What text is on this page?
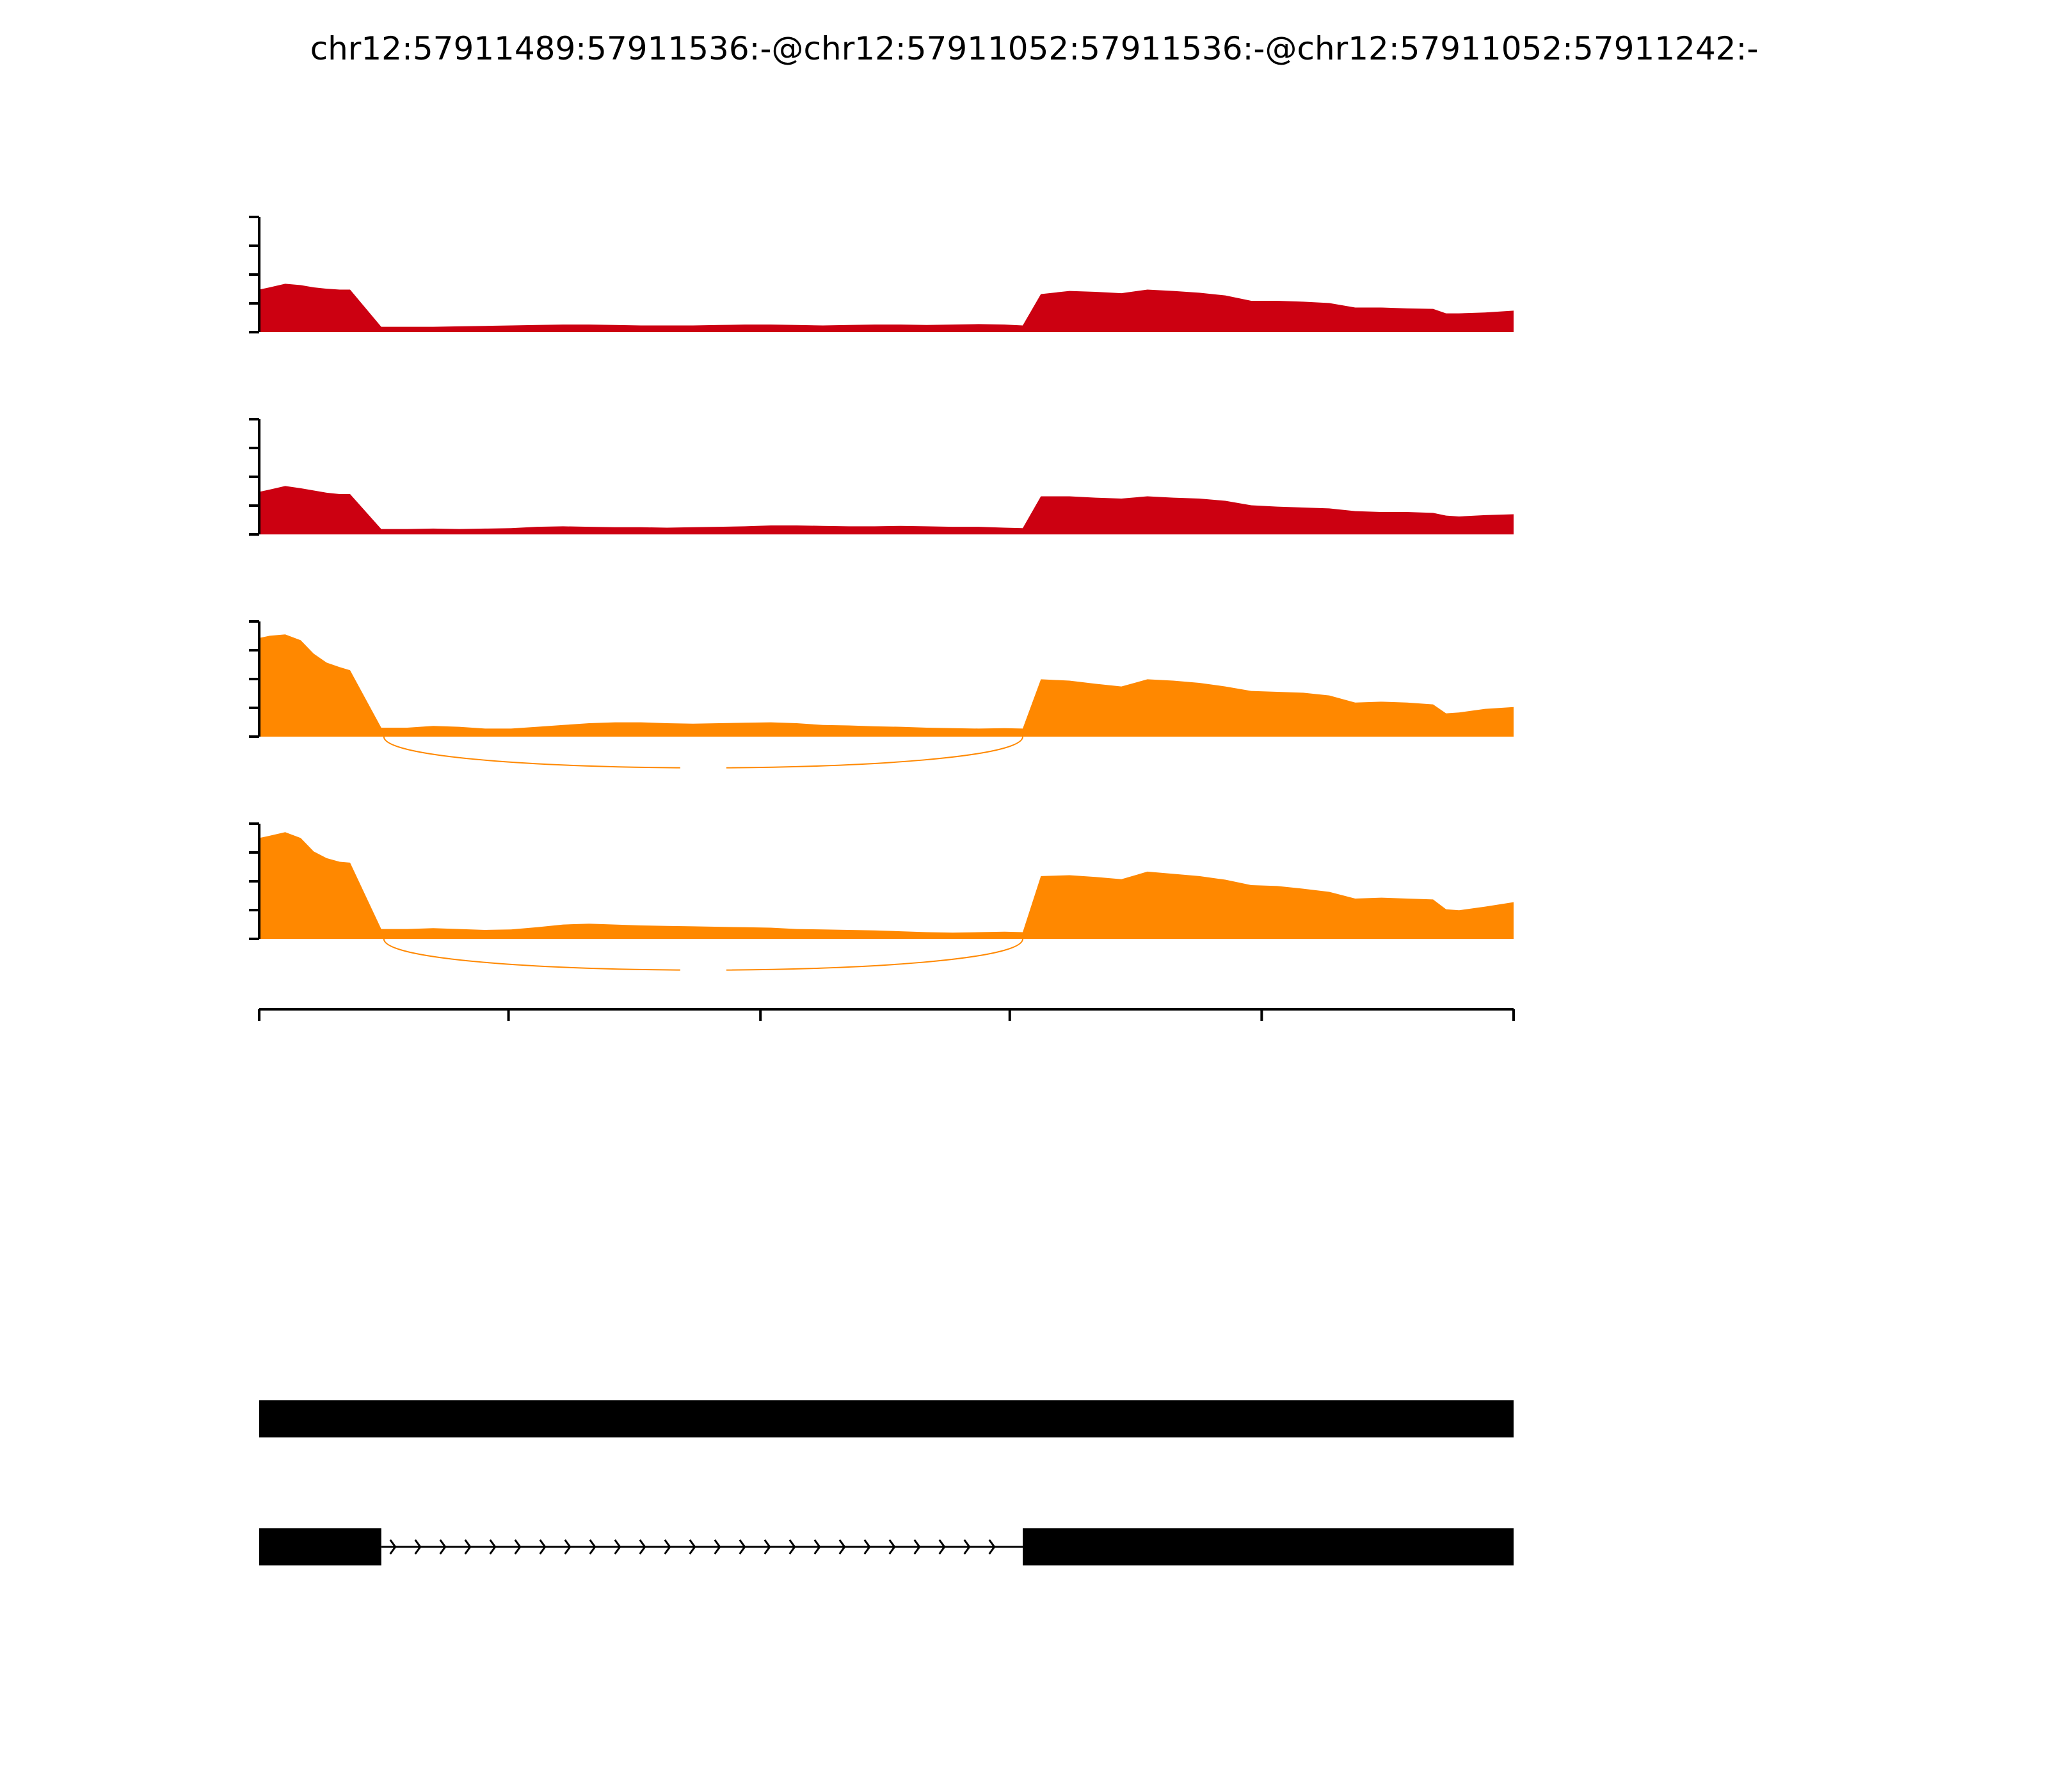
chr12:57911489:57911536:-@chr12:57911052:57911536:-@chr12:57911052:57911242:-
